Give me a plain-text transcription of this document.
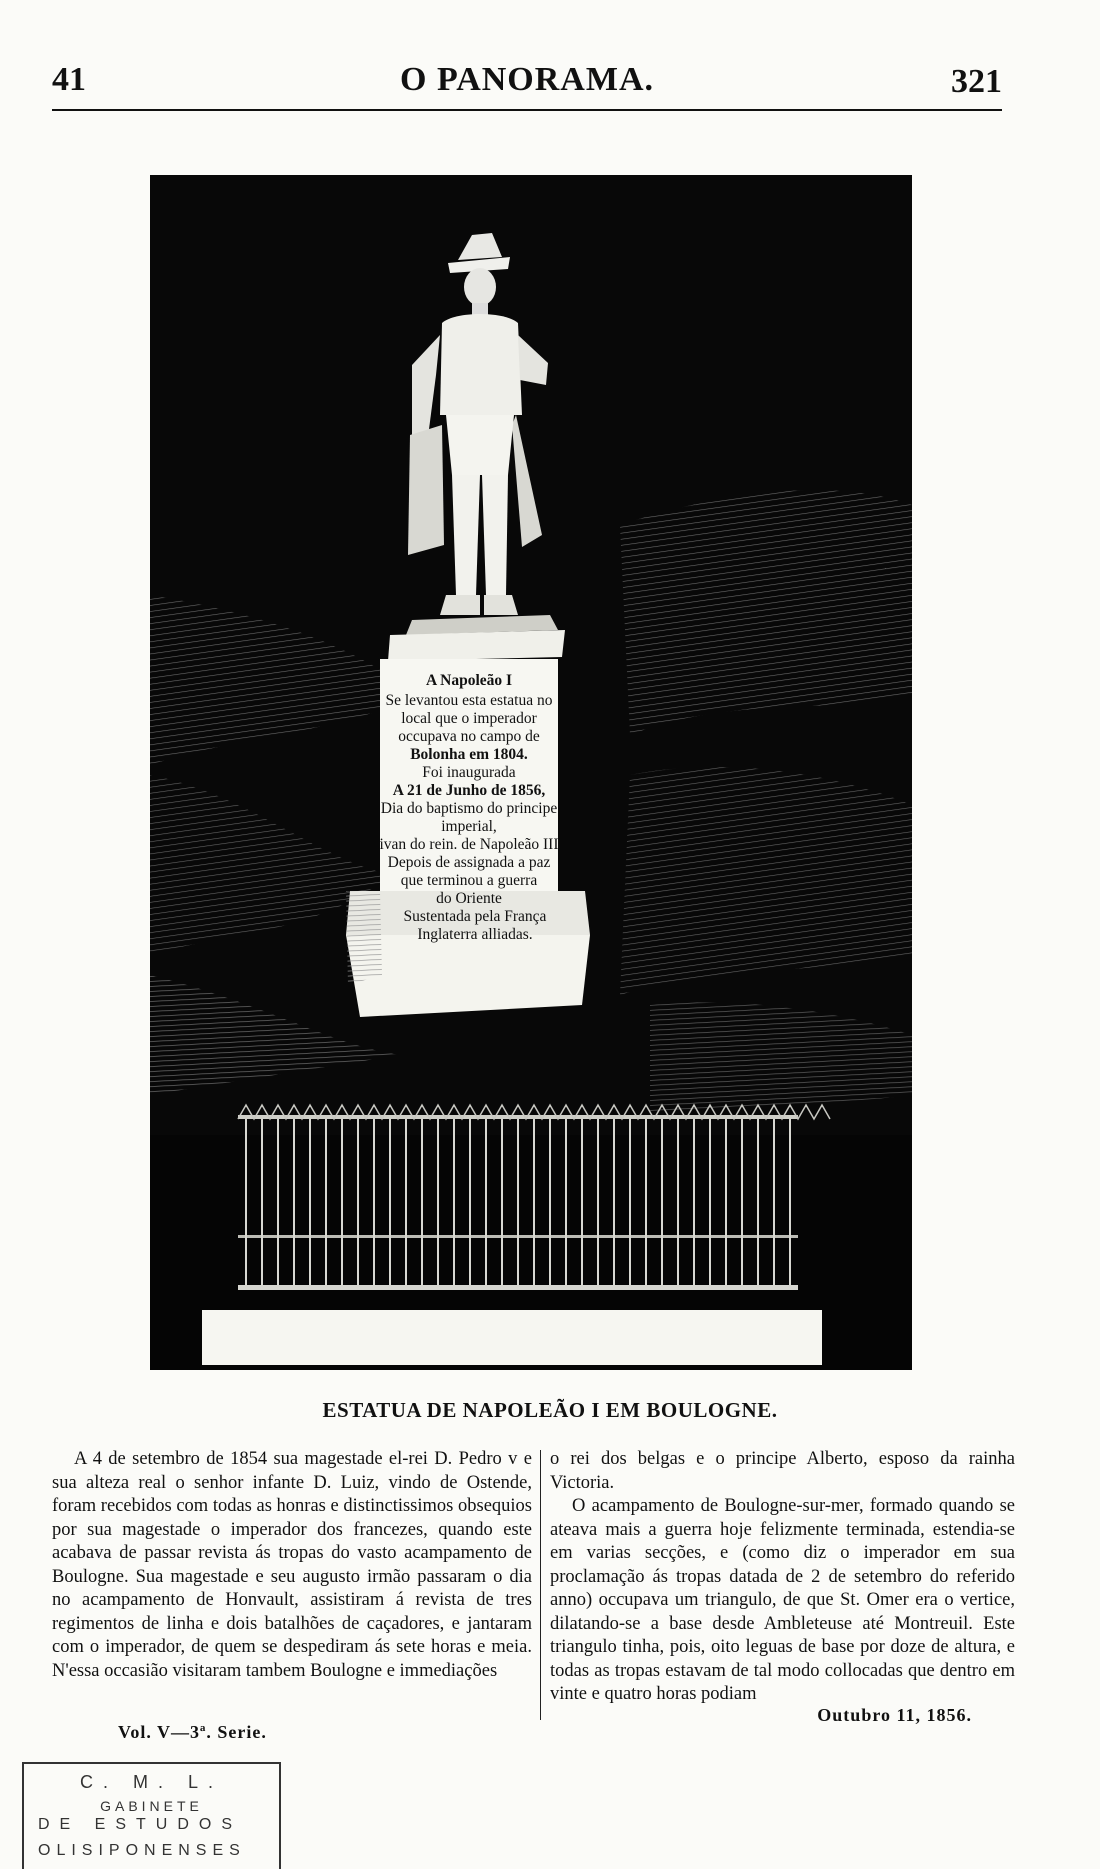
41	O PANORAMA.	321
A Napoleão I
Se levantou esta estatua no
local que o imperador
occupava no campo de
Bolonha em 1804.
Foi inaugurada
A 21 de Junho de 1856,
Dia do baptismo do principe
imperial,
ivan do rein. de Napoleão III
Depois de assignada a paz
que terminou a guerra
do Oriente
Sustentada pela França
Inglaterra alliadas.
ESTATUA DE NAPOLEÃO I EM BOULOGNE.

A 4 de setembro de 1854 sua magestade el-rei D. Pedro v e sua alteza real o senhor infante D. Luiz, vindo de Ostende, foram recebidos com todas as honras e distinctissimos obsequios por sua magestade o imperador dos francezes, quando este acabava de passar revista ás tropas do vasto acampamento de Boulogne. Sua magestade e seu augusto irmão passaram o dia no acampamento de Honvault, assistiram á revista de tres regimentos de linha e dois batalhões de caçadores, e jantaram com o imperador, de quem se despediram ás sete horas e meia. N'essa occasião visitaram tambem Boulogne e immediações

o rei dos belgas e o principe Alberto, esposo da rainha Victoria.

O acampamento de Boulogne-sur-mer, formado quando se ateava mais a guerra hoje felizmente terminada, estendia-se em varias secções, e (como diz o imperador em sua proclamação ás tropas datada de 2 de setembro do referido anno) occupava um triangulo, de que St. Omer era o vertice, dilatando-se a base desde Ambleteuse até Montreuil. Este triangulo tinha, pois, oito leguas de base por doze de altura, e todas as tropas estavam de tal modo collocadas que dentro em vinte e quatro horas podiam

Vol. V—3ª. Serie.
Outubro 11, 1856.
C. M. L.
GABINETE
DE ESTUDOS
OLISIPONENSES
